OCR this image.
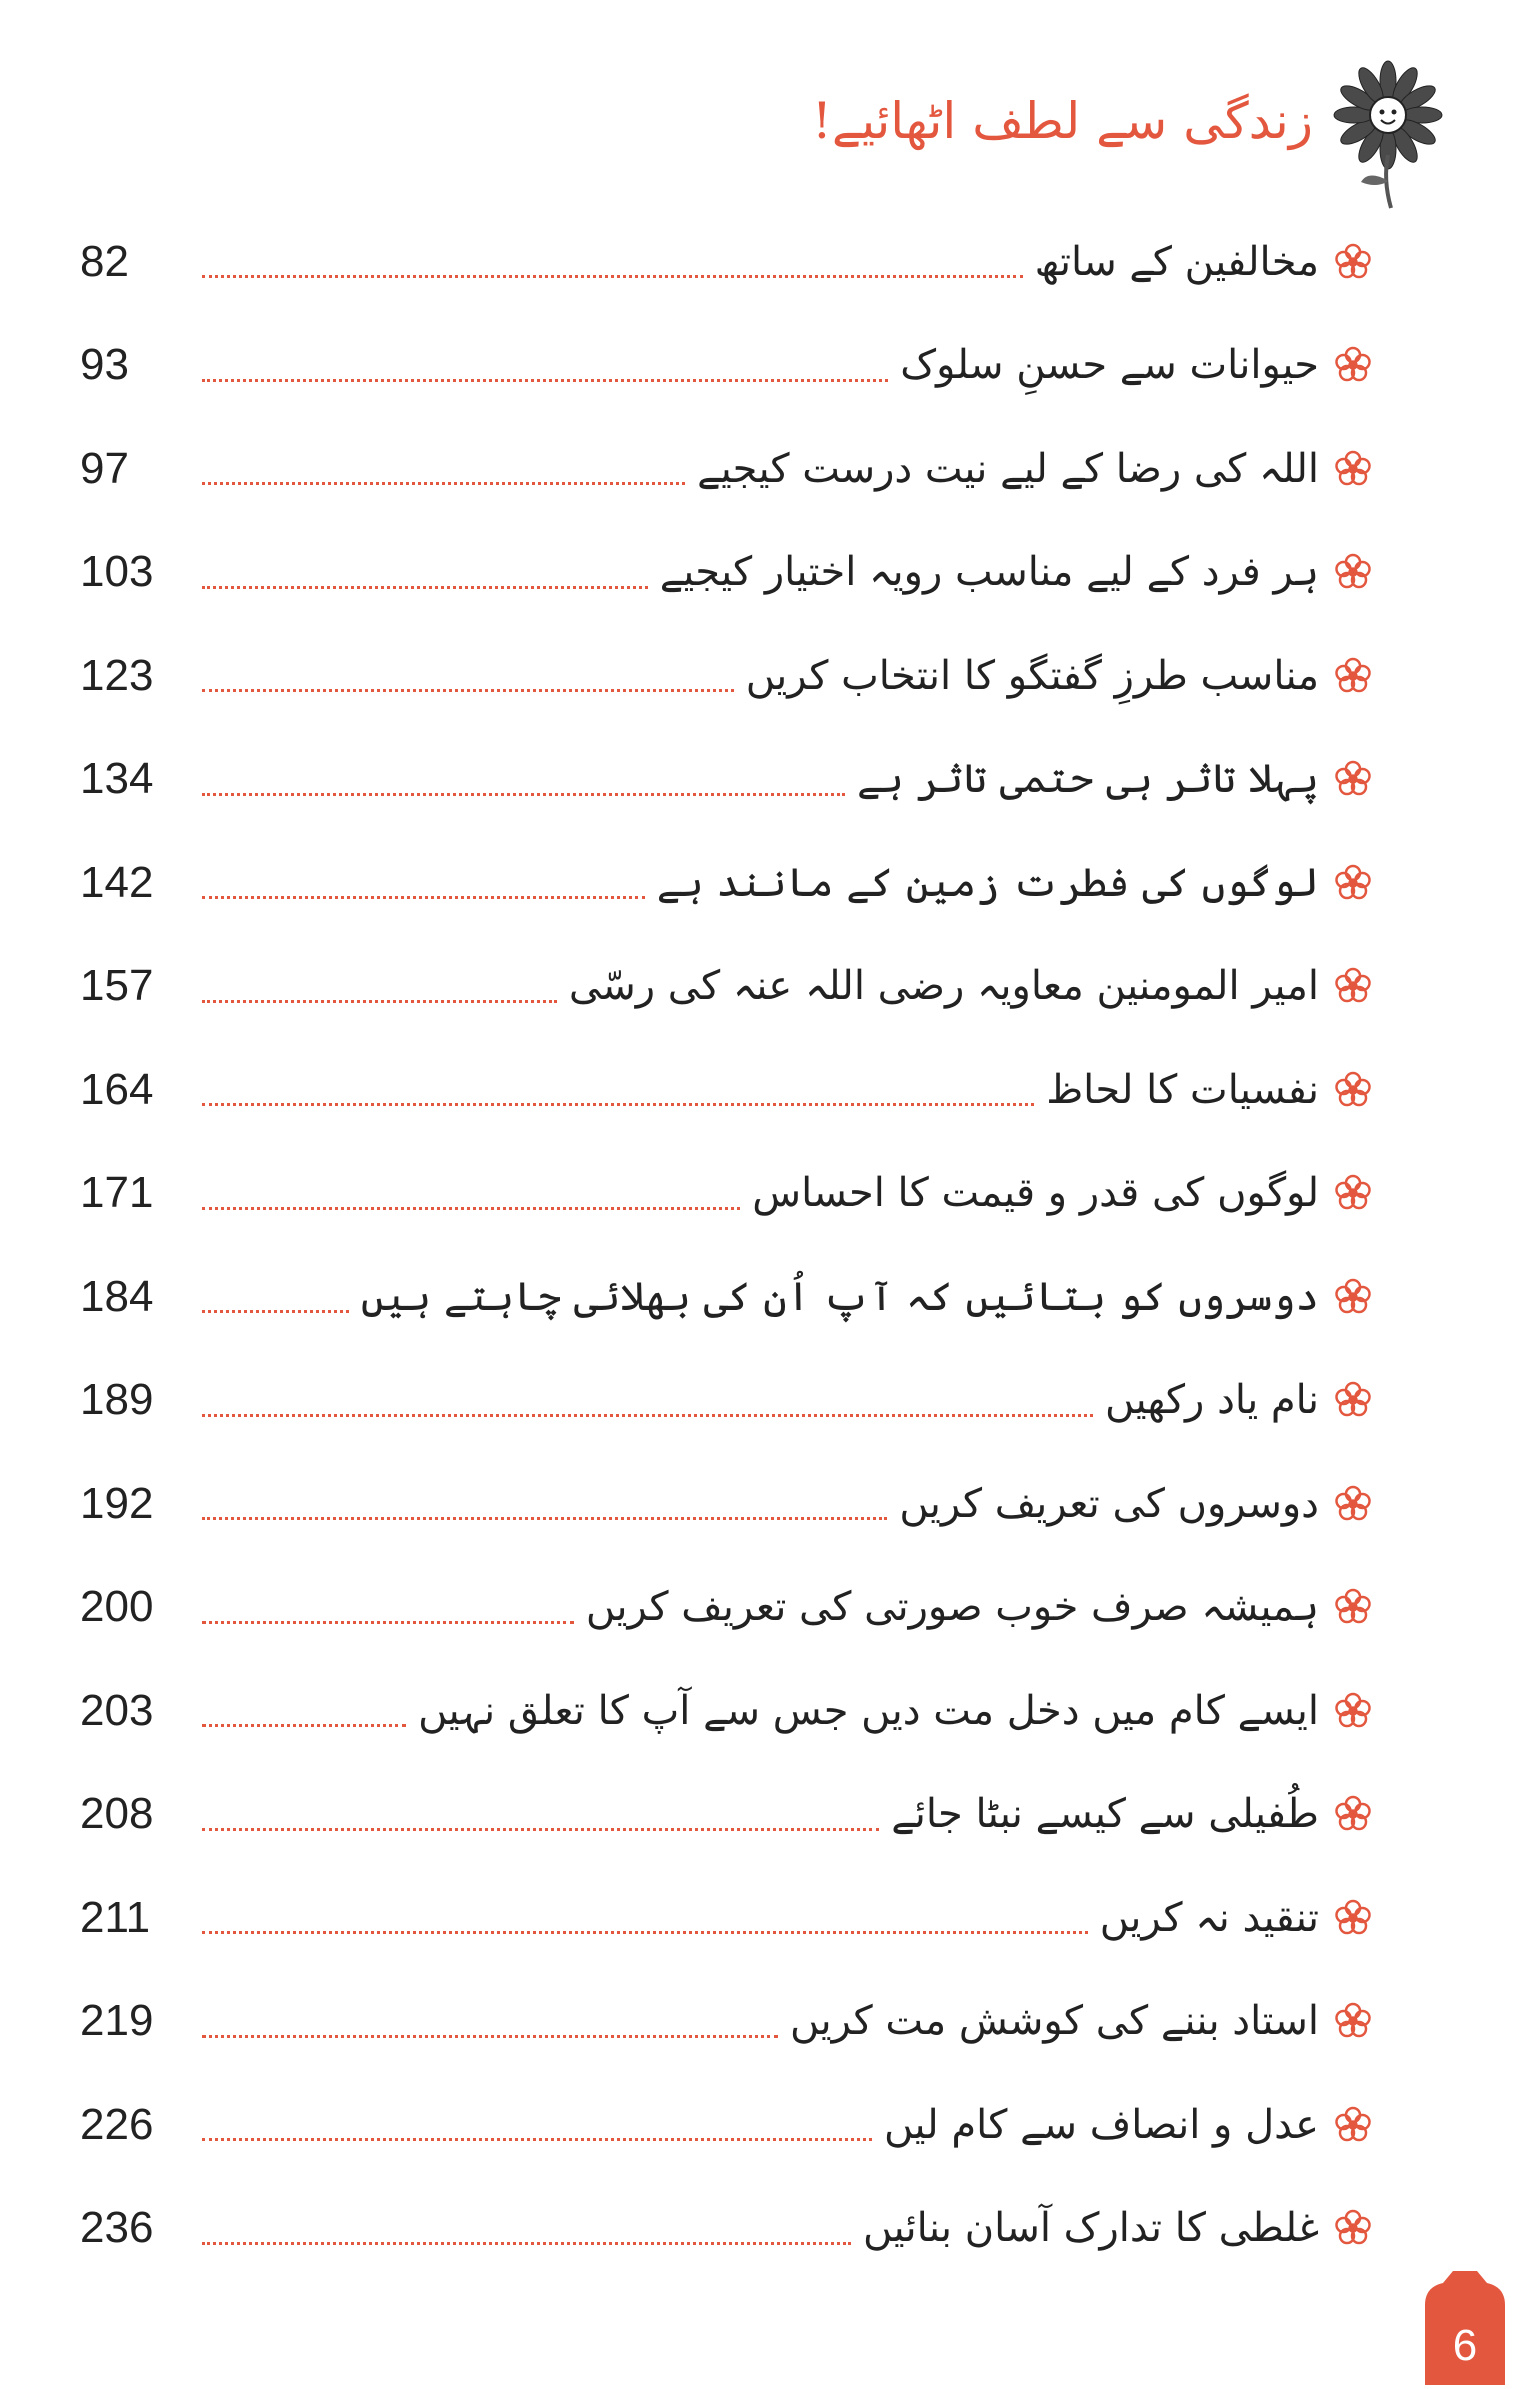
زندگی سے لطف اٹھائیے!
82	مخالفین کے ساتھ
93	حیوانات سے حسنِ سلوک
97	اللہ کی رضا کے لیے نیت درست کیجیے
103	ہر فرد کے لیے مناسب رویہ اختیار کیجیے
123	مناسب طرزِ گفتگو کا انتخاب کریں
134	پہلا تاثر ہی حتمی تاثر ہے
142	لوگوں کی فطرت زمین کے مانند ہے
157	امیر المومنین معاویہ رضی اللہ عنہ کی رسّی
164	نفسیات کا لحاظ
171	لوگوں کی قدر و قیمت کا احساس
184	دوسروں کو بتائیں کہ آپ اُن کی بھلائی چاہتے ہیں
189	نام یاد رکھیں
192	دوسروں کی تعریف کریں
200	ہمیشہ صرف خوب صورتی کی تعریف کریں
203	ایسے کام میں دخل مت دیں جس سے آپ کا تعلق نہیں
208	طُفیلی سے کیسے نبٹا جائے
211	تنقید نہ کریں
219	استاد بننے کی کوشش مت کریں
226	عدل و انصاف سے کام لیں
236	غلطی کا تدارک آسان بنائیں
6
